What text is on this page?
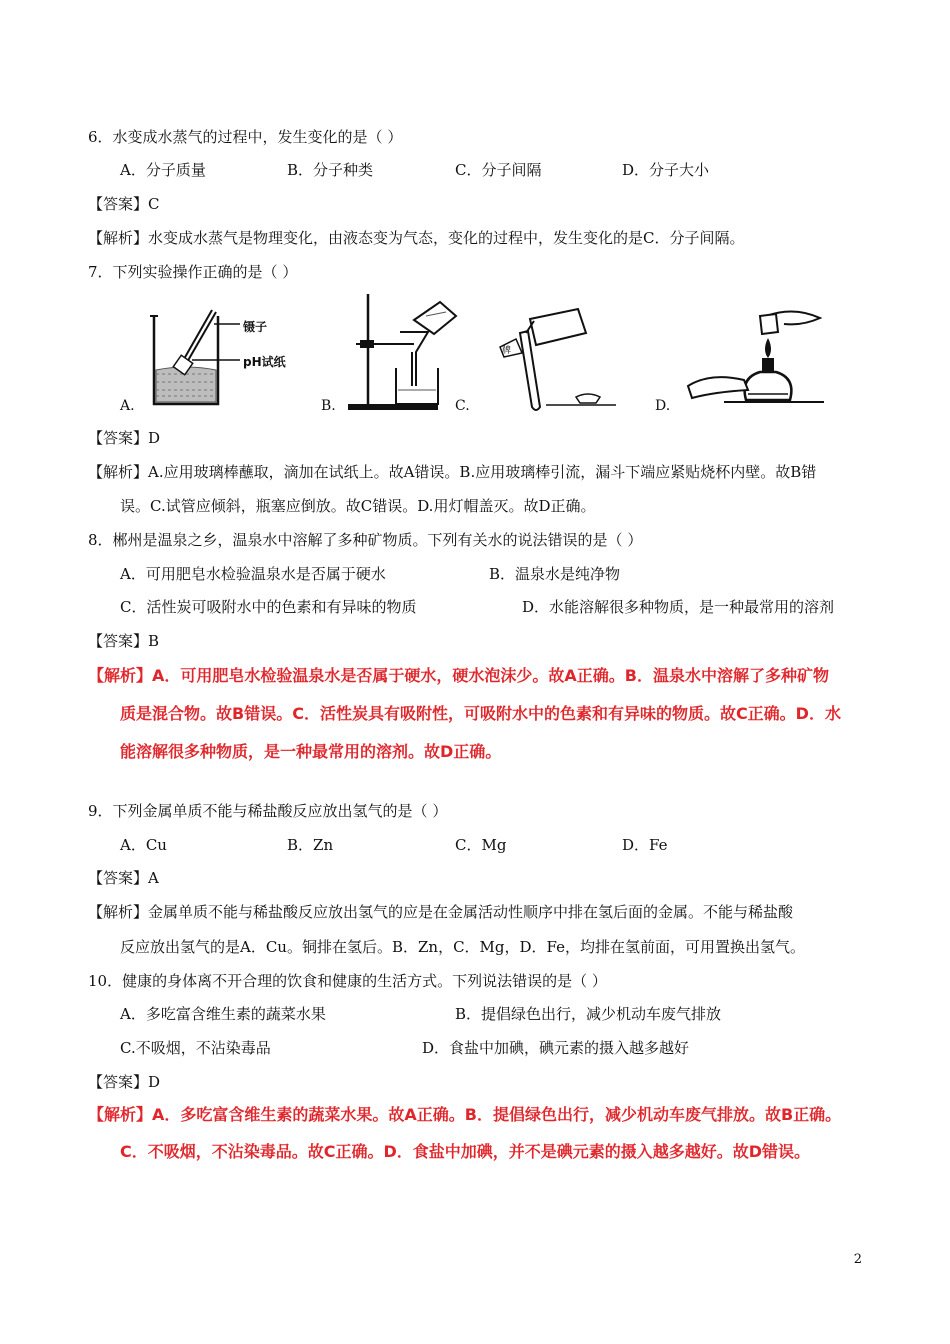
6．水变成水蒸气的过程中，发生变化的是（ ）
A．分子质量	B．分子种类	C．分子间隔	D．分子大小
【答案】C
【解析】水变成水蒸气是物理变化，由液态变为气态，变化的过程中，发生变化的是C．分子间隔。
7．下列实验操作正确的是（ ）
A.
镊子
pH试纸
B.	C.
牌
D.
【答案】D
【解析】A.应用玻璃棒蘸取，滴加在试纸上。故A错误。B.应用玻璃棒引流，漏斗下端应紧贴烧杯内壁。故B错
误。C.试管应倾斜，瓶塞应倒放。故C错误。D.用灯帽盖灭。故D正确。
8．郴州是温泉之乡，温泉水中溶解了多种矿物质。下列有关水的说法错误的是（ ）
A．可用肥皂水检验温泉水是否属于硬水	B．温泉水是纯净物
C．活性炭可吸附水中的色素和有异味的物质	D．水能溶解很多种物质，是一种最常用的溶剂
【答案】B
【解析】A．可用肥皂水检验温泉水是否属于硬水，硬水泡沫少。故A正确。B．温泉水中溶解了多种矿物
质是混合物。故B错误。C．活性炭具有吸附性，可吸附水中的色素和有异味的物质。故C正确。D．水
能溶解很多种物质，是一种最常用的溶剂。故D正确。
9．下列金属单质不能与稀盐酸反应放出氢气的是（ ）
A．Cu	B．Zn	C．Mg	D．Fe
【答案】A
【解析】金属单质不能与稀盐酸反应放出氢气的应是在金属活动性顺序中排在氢后面的金属。不能与稀盐酸
反应放出氢气的是A．Cu。铜排在氢后。B．Zn，C．Mg，D．Fe，均排在氢前面，可用置换出氢气。
10．健康的身体离不开合理的饮食和健康的生活方式。下列说法错误的是（ ）
A．多吃富含维生素的蔬菜水果	B．提倡绿色出行，减少机动车废气排放
C.不吸烟，不沾染毒品	D．食盐中加碘，碘元素的摄入越多越好
【答案】D
【解析】A．多吃富含维生素的蔬菜水果。故A正确。B．提倡绿色出行，减少机动车废气排放。故B正确。
C．不吸烟，不沾染毒品。故C正确。D．食盐中加碘，并不是碘元素的摄入越多越好。故D错误。
2
